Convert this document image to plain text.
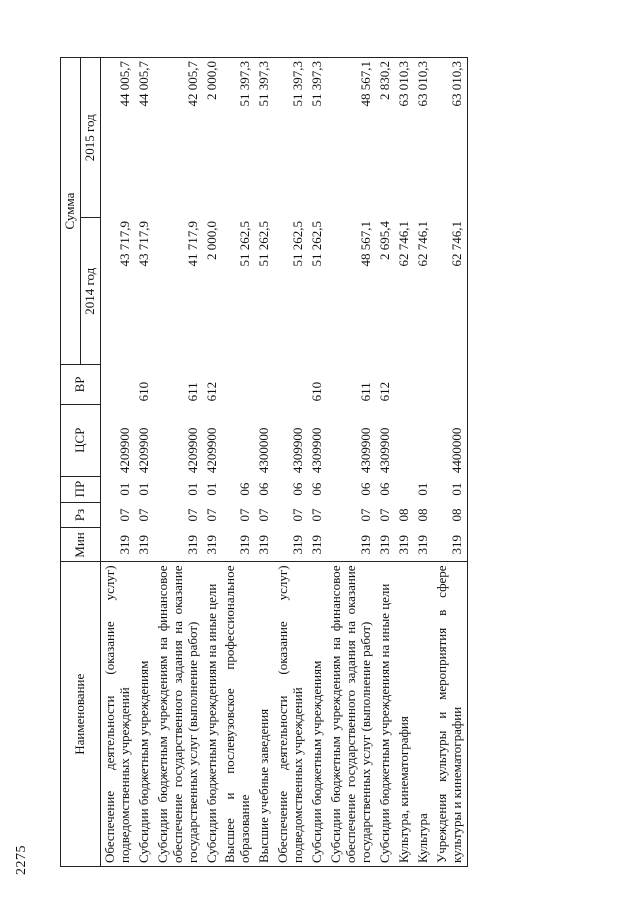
2275
Наименование	Мин	Рз	ПР	ЦСР	ВР	Сумма	
						2014 год	2015 год
Обеспечение деятельности (оказание услуг) подведомственных учреждений	319	07	01	4209900		43 717,9	44 005,7
Субсидии бюджетным учреждениям	319	07	01	4209900	610	43 717,9	44 005,7
Субсидии бюджетным учреждениям на финансовое обеспечение государственного задания на оказание государственных услуг (выполнение работ)	319	07	01	4209900	611	41 717,9	42 005,7
Субсидии бюджетным учреждениям на иные цели	319	07	01	4209900	612	2 000,0	2 000,0
Высшее и послевузовское профессиональное образование	319	07	06			51 262,5	51 397,3
Высшие учебные заведения	319	07	06	4300000		51 262,5	51 397,3
Обеспечение деятельности (оказание услуг) подведомственных учреждений	319	07	06	4309900		51 262,5	51 397,3
Субсидии бюджетным учреждениям	319	07	06	4309900	610	51 262,5	51 397,3
Субсидии бюджетным учреждениям на финансовое обеспечение государственного задания на оказание государственных услуг (выполнение работ)	319	07	06	4309900	611	48 567,1	48 567,1
Субсидии бюджетным учреждениям на иные цели	319	07	06	4309900	612	2 695,4	2 830,2
Культура, кинематография	319	08				62 746,1	63 010,3
Культура	319	08	01			62 746,1	63 010,3
Учреждения культуры и мероприятия в сфере культуры и кинематографии	319	08	01	4400000		62 746,1	63 010,3
